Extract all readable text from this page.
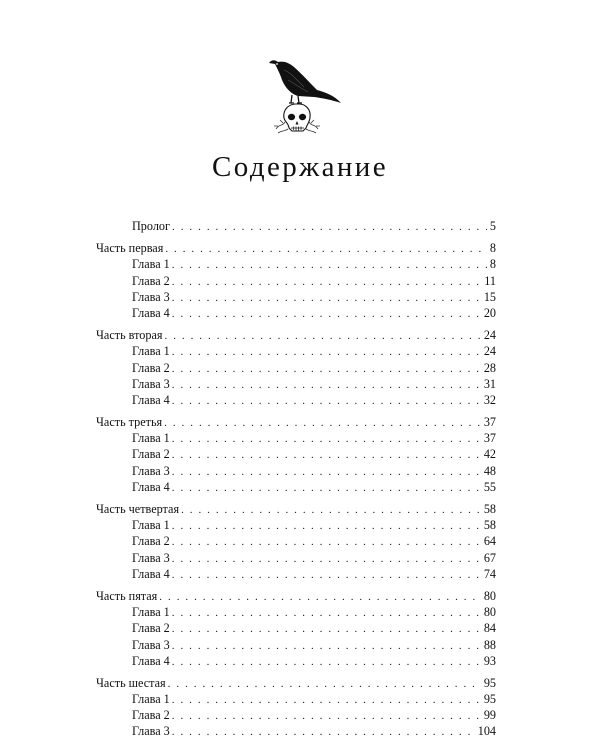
Содержание
Пролог . . .	5
Часть первая . . .	8
Глава 1 . . .	8
Глава 2 . . .	11
Глава 3 . . .	15
Глава 4 . . .	20
Часть вторая . . .	24
Глава 1 . . .	24
Глава 2 . . .	28
Глава 3 . . .	31
Глава 4 . . .	32
Часть третья . . .	37
Глава 1 . . .	37
Глава 2 . . .	42
Глава 3 . . .	48
Глава 4 . . .	55
Часть четвертая . . .	58
Глава 1 . . .	58
Глава 2 . . .	64
Глава 3 . . .	67
Глава 4 . . .	74
Часть пятая . . .	80
Глава 1 . . .	80
Глава 2 . . .	84
Глава 3 . . .	88
Глава 4 . . .	93
Часть шестая . . .	95
Глава 1 . . .	95
Глава 2 . . .	99
Глава 3 . . .	104
